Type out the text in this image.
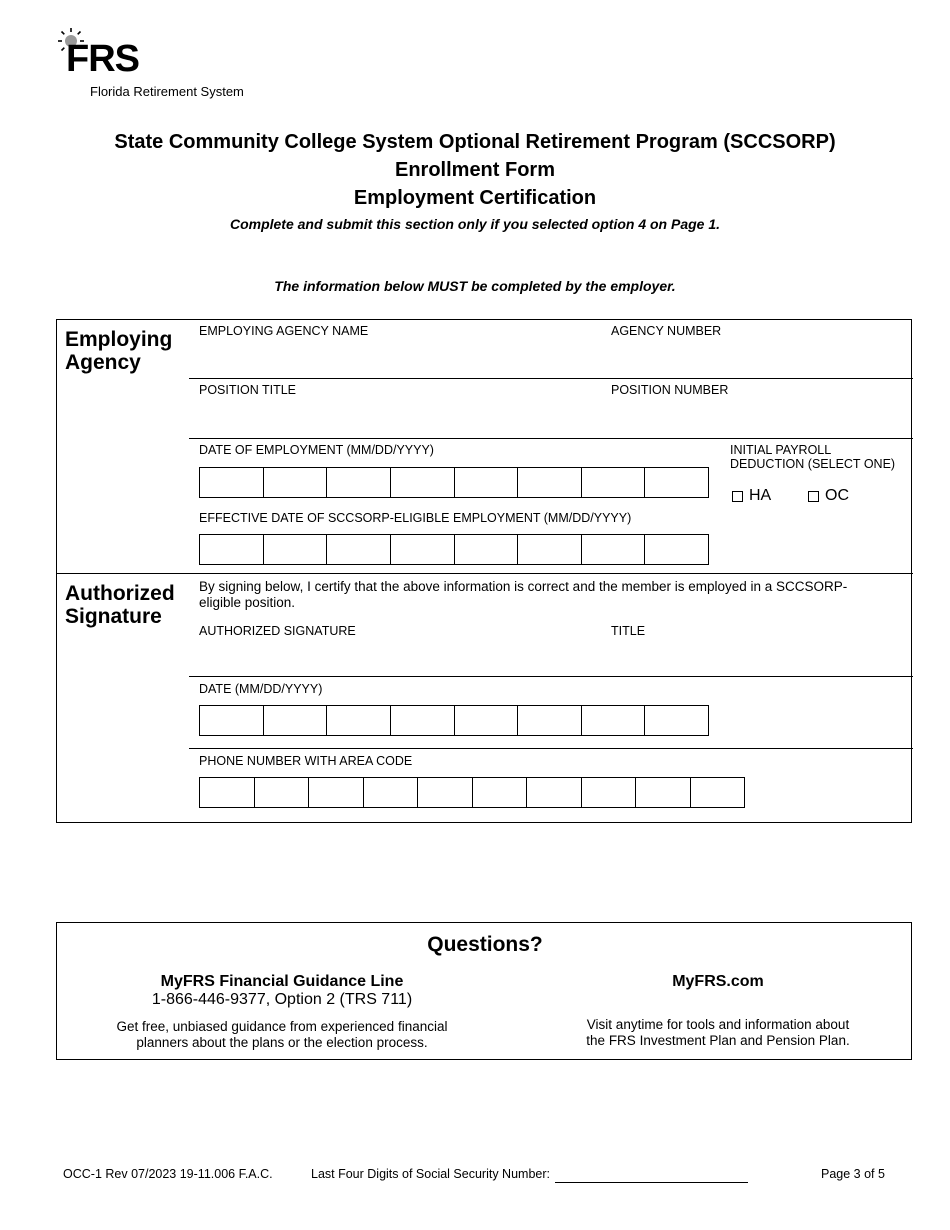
FRS
Florida Retirement System
State Community College System Optional Retirement Program (SCCSORP)
Enrollment Form
Employment Certification
Complete and submit this section only if you selected option 4 on Page 1.
The information below MUST be completed by the employer.
Employing
Agency
EMPLOYING AGENCY NAME	AGENCY NUMBER
POSITION TITLE	POSITION NUMBER
DATE OF EMPLOYMENT (MM/DD/YYYY)	INITIAL PAYROLL
DEDUCTION (SELECT ONE)
HA	OC
EFFECTIVE DATE OF SCCSORP-ELIGIBLE EMPLOYMENT (MM/DD/YYYY)
Authorized
Signature
By signing below, I certify that the above information is correct and the member is employed in a SCCSORP-
eligible position.
AUTHORIZED SIGNATURE	TITLE
DATE (MM/DD/YYYY)
PHONE NUMBER WITH AREA CODE
Questions?
MyFRS Financial Guidance Line
1-866-446-9377, Option 2 (TRS 711)
Get free, unbiased guidance from experienced financial
planners about the plans or the election process.
MyFRS.com
Visit anytime for tools and information about
the FRS Investment Plan and Pension Plan.
OCC-1 Rev 07/2023 19-11.006 F.A.C.	Last Four Digits of Social Security Number:	Page 3 of 5
